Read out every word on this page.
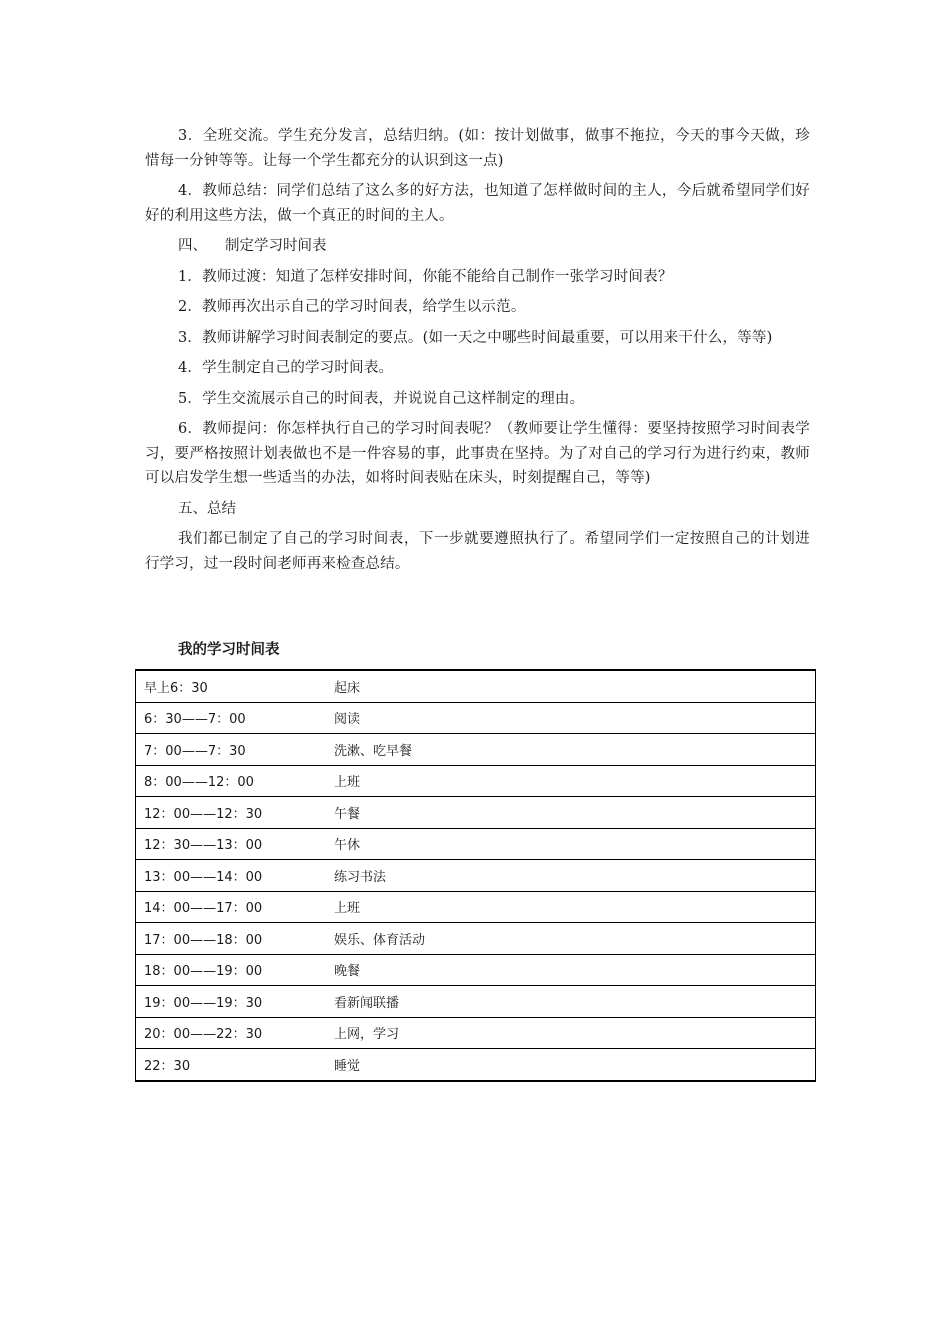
3．全班交流。学生充分发言，总结归纳。(如：按计划做事，做事不拖拉，今天的事今天做，珍惜每一分钟等等。让每一个学生都充分的认识到这一点)

4．教师总结：同学们总结了这么多的好方法，也知道了怎样做时间的主人，今后就希望同学们好好的利用这些方法，做一个真正的时间的主人。

四、 制定学习时间表

1．教师过渡：知道了怎样安排时间，你能不能给自己制作一张学习时间表？

2．教师再次出示自己的学习时间表，给学生以示范。

3．教师讲解学习时间表制定的要点。(如一天之中哪些时间最重要，可以用来干什么，等等)

4．学生制定自己的学习时间表。

5．学生交流展示自己的时间表，并说说自己这样制定的理由。

6．教师提问：你怎样执行自己的学习时间表呢？（教师要让学生懂得：要坚持按照学习时间表学习，要严格按照计划表做也不是一件容易的事，此事贵在坚持。为了对自己的学习行为进行约束，教师可以启发学生想一些适当的办法，如将时间表贴在床头，时刻提醒自己，等等)

五、总结

我们都已制定了自己的学习时间表，下一步就要遵照执行了。希望同学们一定按照自己的计划进行学习，过一段时间老师再来检查总结。

我的学习时间表
早上6：30	起床
6：30——7：00	阅读
7：00——7：30	洗漱、吃早餐
8：00——12：00	上班
12：00——12：30	午餐
12：30——13：00	午休
13：00——14：00	练习书法
14：00——17：00	上班
17：00——18：00	娱乐、体育活动
18：00——19：00	晚餐
19：00——19：30	看新闻联播
20：00——22：30	上网，学习
22：30	睡觉
